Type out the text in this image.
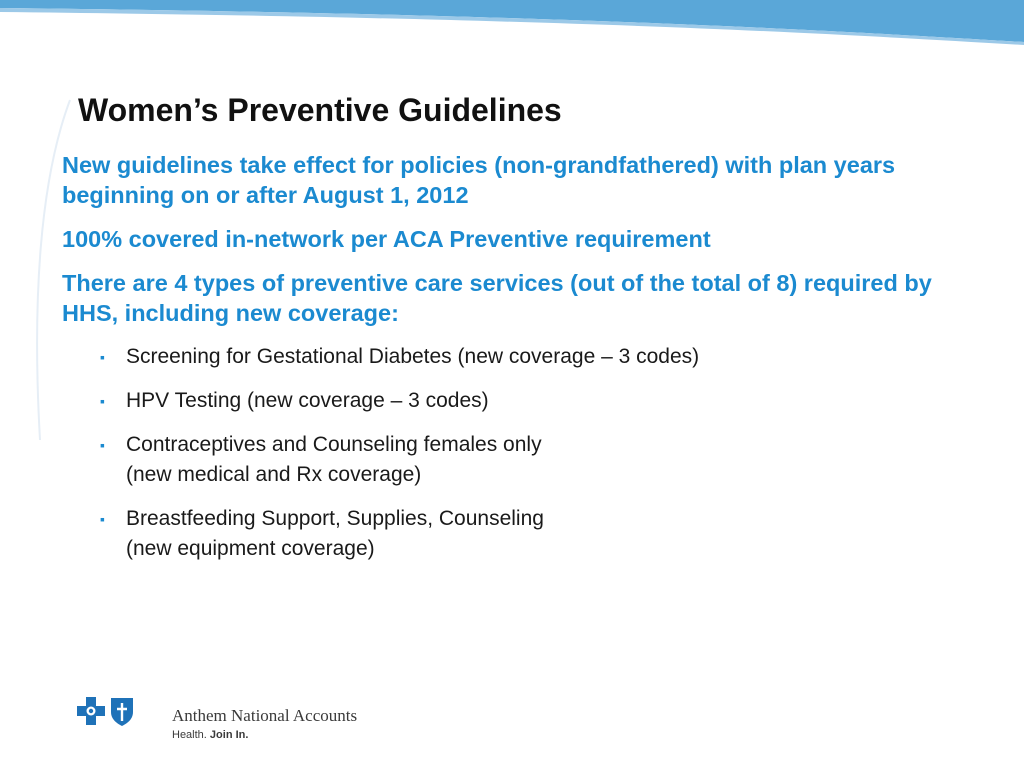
Women’s Preventive Guidelines

New guidelines take effect for policies (non-grandfathered) with plan years beginning on or after August 1, 2012

100% covered in-network per ACA Preventive requirement

There are 4 types of preventive care services (out of the total of 8) required by HHS, including new coverage:

▪ Screening for Gestational Diabetes (new coverage – 3 codes)
▪ HPV Testing (new coverage – 3 codes)
▪ Contraceptives and Counseling females only
(new medical and Rx coverage)
▪ Breastfeeding Support, Supplies, Counseling
(new equipment coverage)
Anthem National Accounts
Health. Join In.
